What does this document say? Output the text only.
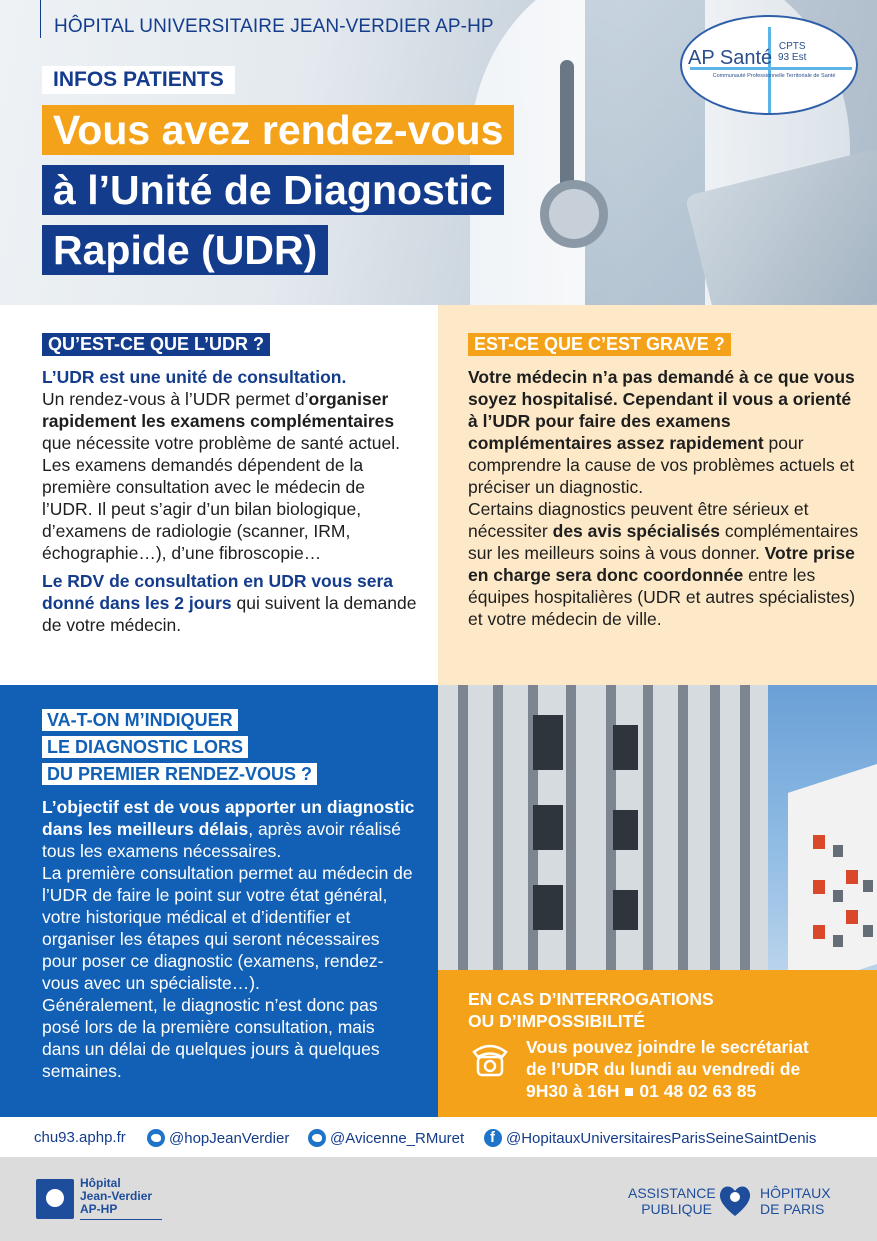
HÔPITAL UNIVERSITAIRE JEAN-VERDIER AP-HP
AP Santé
CPTS
93 Est
Communauté Professionnelle Territoriale de Santé
INFOS PATIENTS
Vous avez rendez-vous
à l’Unité de Diagnostic
Rapide (UDR)
QU’EST-CE QUE L’UDR ?
L’UDR est une unité de consultation.
Un rendez-vous à l’UDR permet d’organiser rapidement les examens complémentaires que nécessite votre problème de santé actuel.
Les examens demandés dépendent de la première consultation avec le médecin de l’UDR. Il peut s’agir d’un bilan biologique, d’examens de radiologie (scanner, IRM, échographie…), d’une fibroscopie…
Le RDV de consultation en UDR vous sera donné dans les 2 jours qui suivent la demande de votre médecin.
EST-CE QUE C’EST GRAVE ?
Votre médecin n’a pas demandé à ce que vous soyez hospitalisé. Cependant il vous a orienté à l’UDR pour faire des examens complémentaires assez rapidement pour comprendre la cause de vos problèmes actuels et préciser un diagnostic.
Certains diagnostics peuvent être sérieux et nécessiter des avis spécialisés complémentaires sur les meilleurs soins à vous donner. Votre prise en charge sera donc coordonnée entre les équipes hospitalières (UDR et autres spécialistes) et votre médecin de ville.
VA-T-ON M’INDIQUER
LE DIAGNOSTIC LORS
DU PREMIER RENDEZ-VOUS ?
L’objectif est de vous apporter un diagnostic dans les meilleurs délais, après avoir réalisé tous les examens nécessaires.
La première consultation permet au médecin de l’UDR de faire le point sur votre état général, votre historique médical et d’identifier et organiser les étapes qui seront nécessaires pour poser ce diagnostic (examens, rendez-vous avec un spécialiste…).
Généralement, le diagnostic n’est donc pas posé lors de la première consultation, mais dans un délai de quelques jours à quelques semaines.
EN CAS D’INTERROGATIONS
OU D’IMPOSSIBILITÉ
Vous pouvez joindre le secrétariat
de l’UDR du lundi au vendredi de
9H30 à 16H 01 48 02 63 85
chu93.aphp.fr	@hopJeanVerdier	@Avicenne_RMuret
f	@HopitauxUniversitairesParisSeineSaintDenis
Hôpital
Jean-Verdier
AP-HP
ASSISTANCE
PUBLIQUE
HÔPITAUX
DE PARIS
